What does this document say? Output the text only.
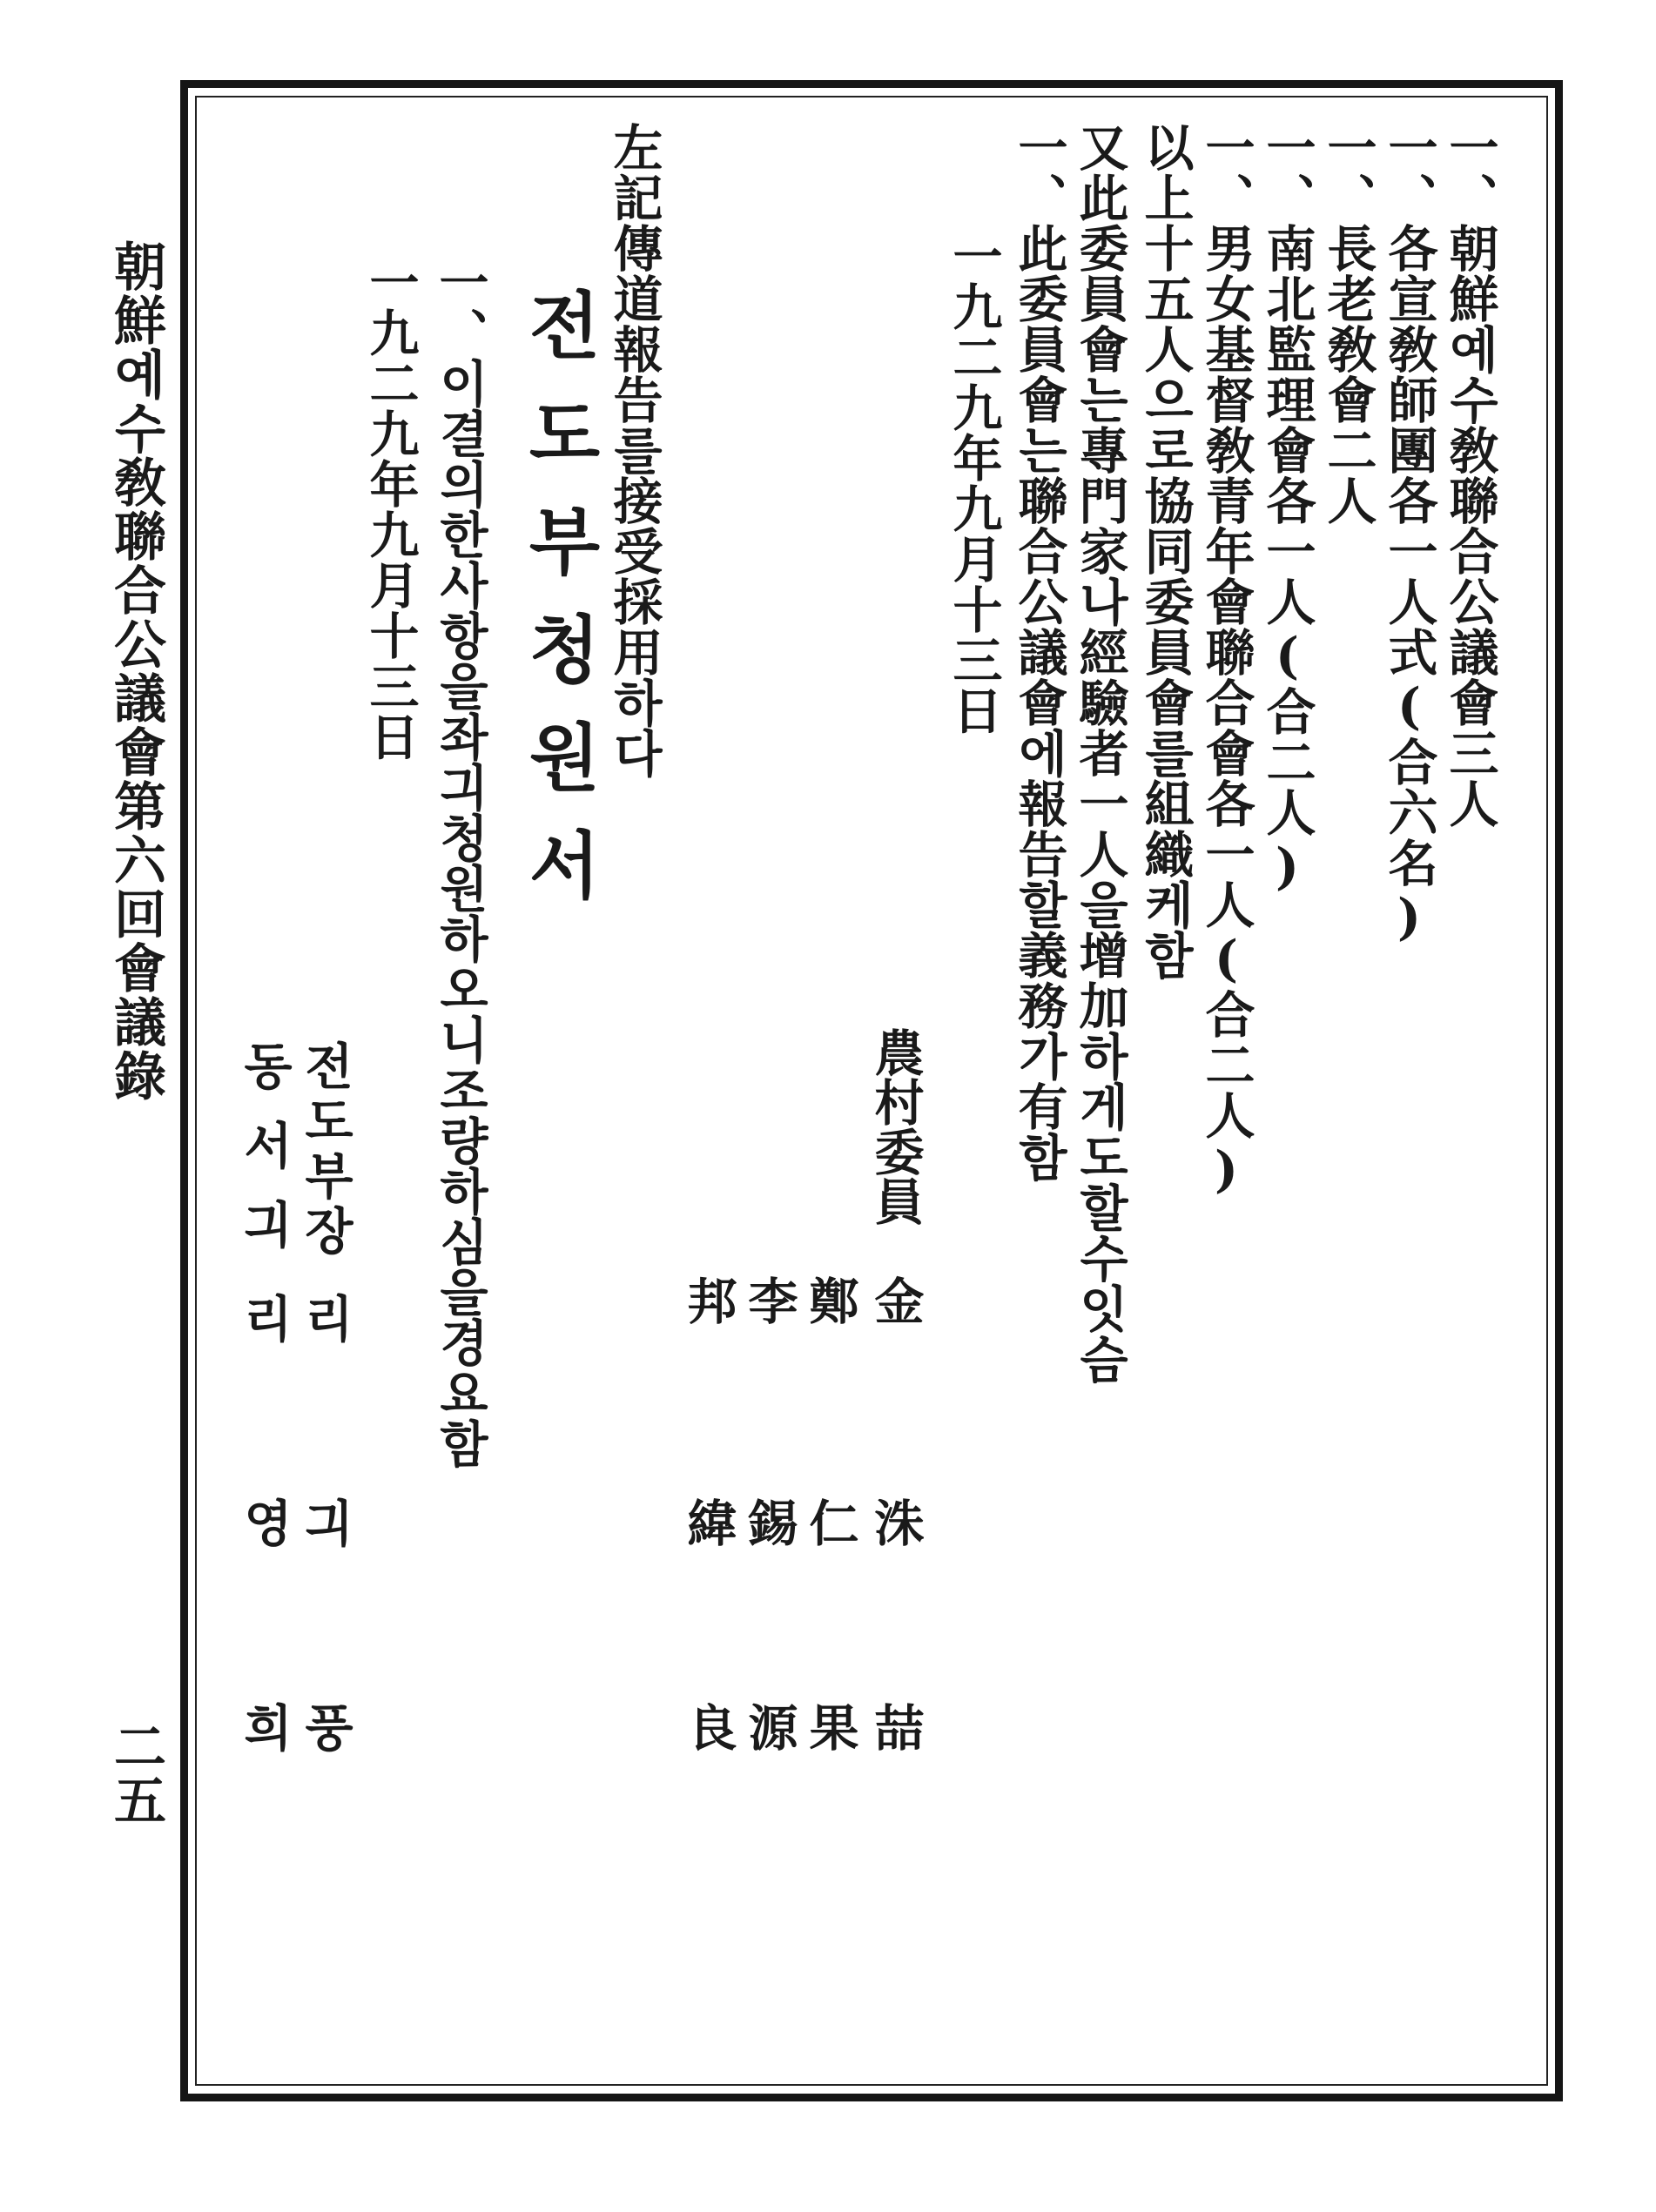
一、朝鮮예수敎聯合公議會三人
一、各宣敎師團各一人式(合六名)
一、長老敎會二人
一、南北監理會各一人(合二人)
一、男女基督敎青年會聯合會各一人(合二人)
以上十五人으로協同委員會를組織케함
又此委員會는專門家나經驗者一人을增加하게도할수잇슴
一、此委員會는聯合公議會에報告할義務가有함
一九二九年九月十三日
農村委員
金
洙
喆
鄭
仁
果
李
錫
源
邦
緯
良
左記傳道報告를接受採用하다
전도부청원서
一、이결의한사항을좌긔청원하오니조량하심을경요함
一九二九年九月十三日
전도부장
리
긔
풍
동서긔
리
영
희
朝鮮예수敎聯合公議會第六回會議錄
二五
